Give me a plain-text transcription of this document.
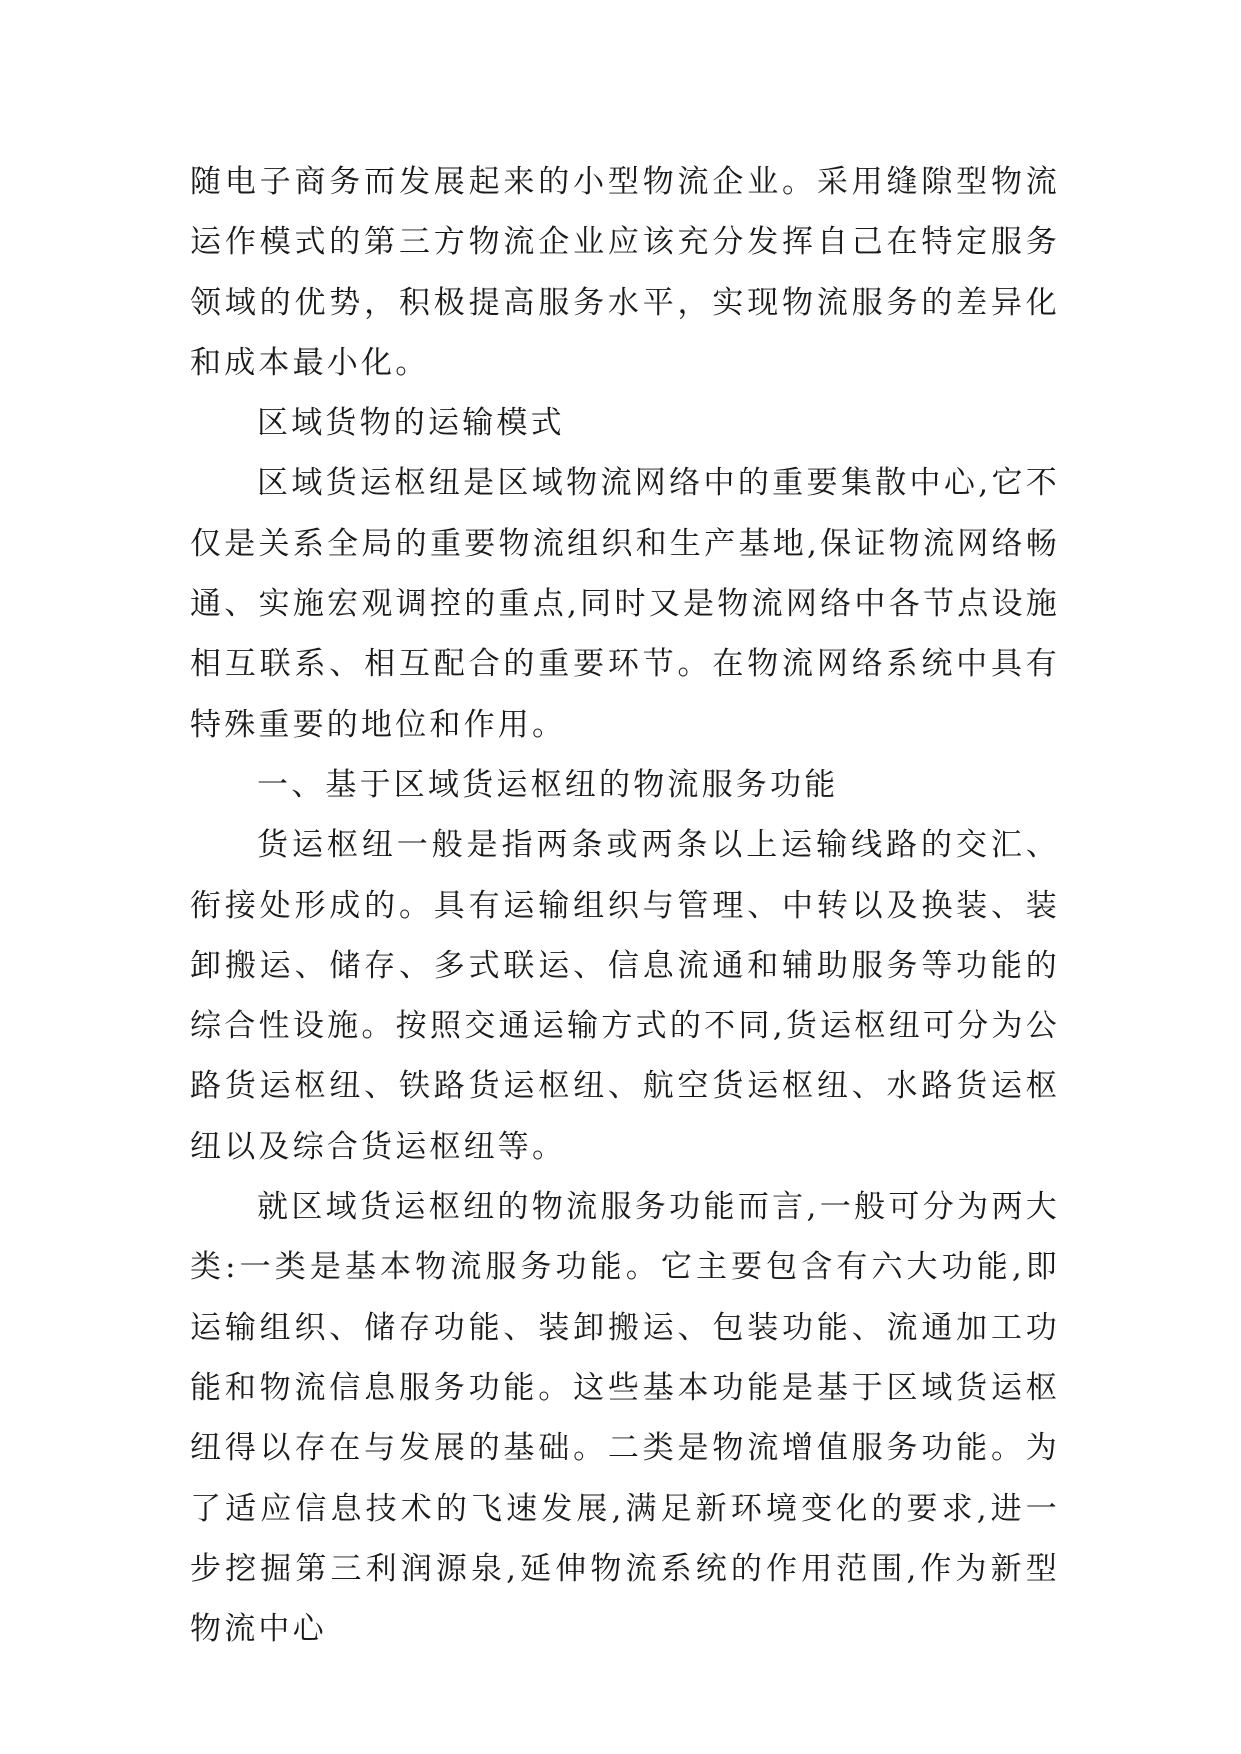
随电子商务而发展起来的小型物流企业。采用缝隙型物流运作模式的第三方物流企业应该充分发挥自己在特定服务领域的优势，积极提高服务水平，实现物流服务的差异化和成本最小化。

区域货物的运输模式

区域货运枢纽是区域物流网络中的重要集散中心,它不仅是关系全局的重要物流组织和生产基地,保证物流网络畅通、实施宏观调控的重点,同时又是物流网络中各节点设施相互联系、相互配合的重要环节。在物流网络系统中具有特殊重要的地位和作用。

一、基于区域货运枢纽的物流服务功能

货运枢纽一般是指两条或两条以上运输线路的交汇、衔接处形成的。具有运输组织与管理、中转以及换装、装卸搬运、储存、多式联运、信息流通和辅助服务等功能的综合性设施。按照交通运输方式的不同,货运枢纽可分为公路货运枢纽、铁路货运枢纽、航空货运枢纽、水路货运枢纽以及综合货运枢纽等。

就区域货运枢纽的物流服务功能而言,一般可分为两大类:一类是基本物流服务功能。它主要包含有六大功能,即运输组织、储存功能、装卸搬运、包装功能、流通加工功能和物流信息服务功能。这些基本功能是基于区域货运枢纽得以存在与发展的基础。二类是物流增值服务功能。为了适应信息技术的飞速发展,满足新环境变化的要求,进一步挖掘第三利润源泉,延伸物流系统的作用范围,作为新型物流中心
